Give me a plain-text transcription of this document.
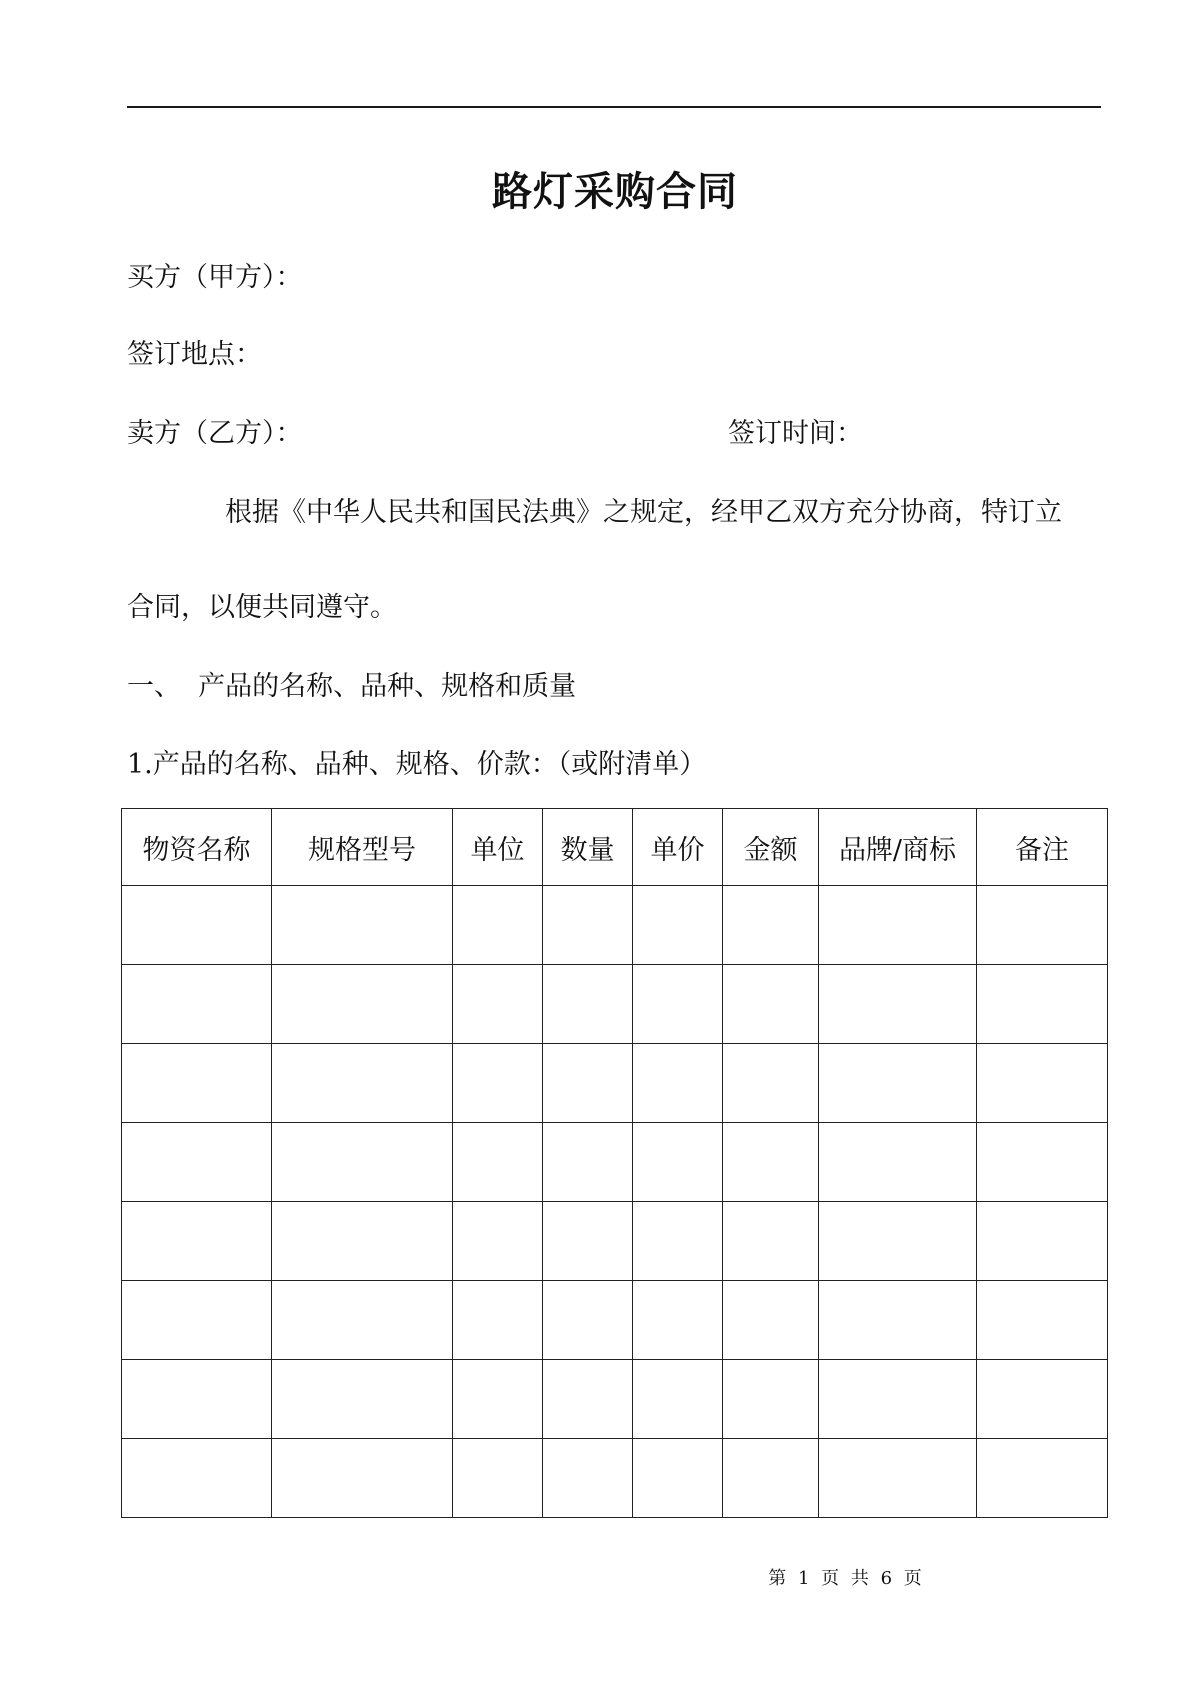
路灯采购合同
买方（甲方）：
签订地点：
卖方（乙方）：	签订时间：
根据《中华人民共和国民法典》之规定，经甲乙双方充分协商，特订立
合同，以便共同遵守。
一、  产品的名称、品种、规格和质量
1.产品的名称、品种、规格、价款：（或附清单）
物资名称	规格型号	单位	数量	单价	金额	品牌/商标	备注

第 1 页 共 6 页
